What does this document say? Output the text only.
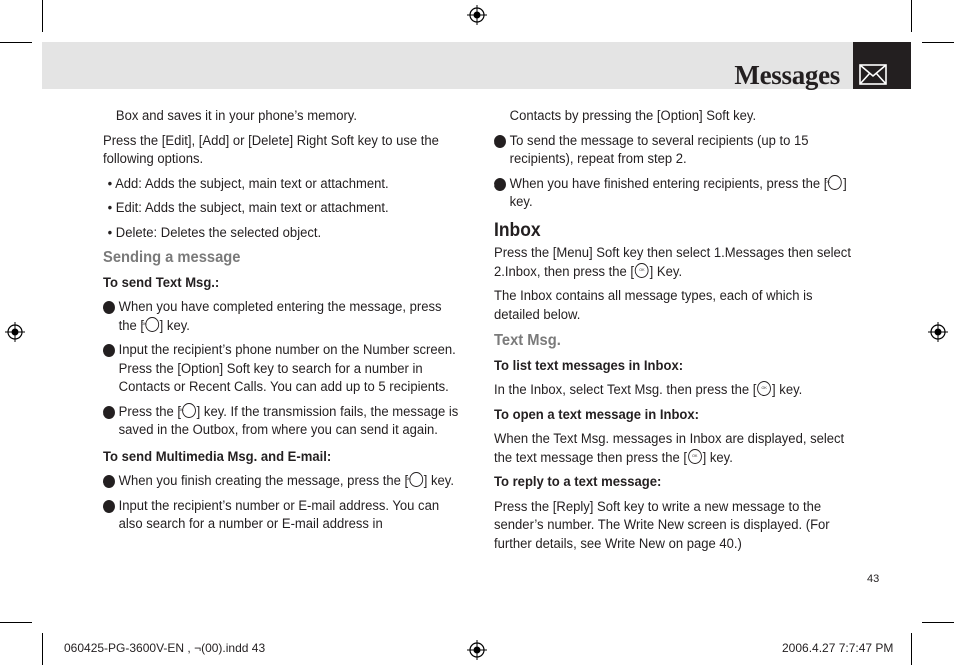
Messages

Box and saves it in your phone’s memory.

Press the [Edit], [Add] or [Delete] Right Soft key to use the following options.

• Add: Adds the subject, main text or attachment.

• Edit: Adds the subject, main text or attachment.

• Delete: Deletes the selected object.

Sending a message

To send Text Msg.:

1 When you have completed entering the message, press the [ OK ] key.

2 Input the recipient’s phone number on the Number screen. Press the [Option] Soft key to search for a number in Contacts or Recent Calls. You can add up to 5 recipients.

3 Press the [ OK ] key. If the transmission fails, the message is saved in the Outbox, from where you can send it again.

To send Multimedia Msg. and E-mail:

1 When you finish creating the message, press the [ OK ] key.

2 Input the recipient’s number or E-mail address. You can also search for a number or E-mail address in

Contacts by pressing the [Option] Soft key.

3 To send the message to several recipients (up to 15 recipients), repeat from step 2.

4 When you have finished entering recipients, press the [ OK ] key.

Inbox

Press the [Menu] Soft key then select 1.Messages then select 2.Inbox, then press the [ OK ] Key.

The Inbox contains all message types, each of which is detailed below.

Text Msg.

To list text messages in Inbox:

In the Inbox, select Text Msg. then press the [ OK ] key.

To open a text message in Inbox:

When the Text Msg. messages in Inbox are displayed, select the text message then press the [ OK ] key.

To reply to a text message:

Press the [Reply] Soft key to write a new message to the sender’s number. The Write New screen is displayed. (For further details, see Write New on page 40.)

43
060425-PG-3600V-EN , ¬(00).indd 43	2006.4.27 7:7:47 PM
